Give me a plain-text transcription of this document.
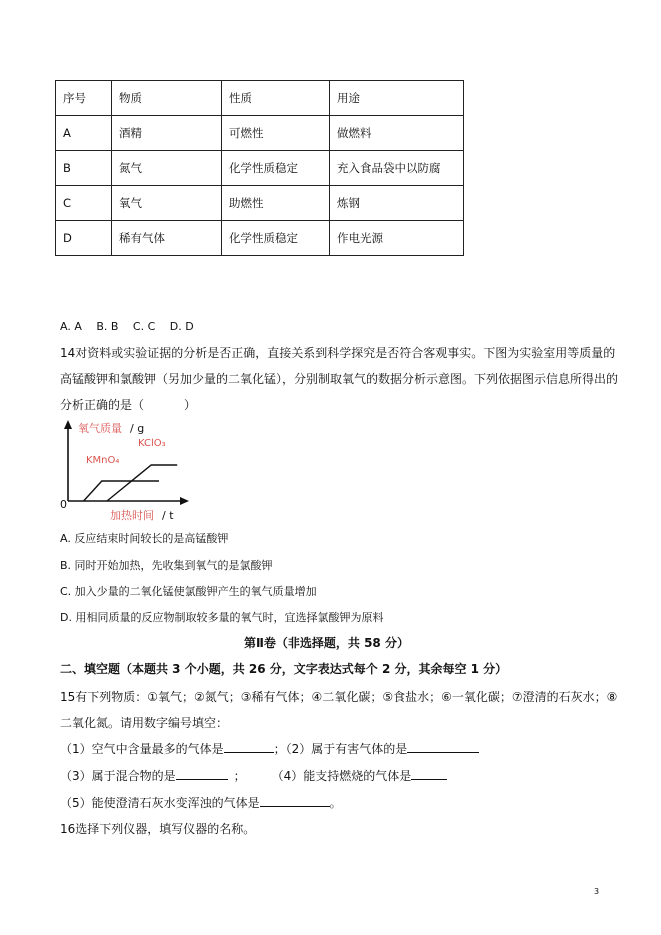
序号	物质	性质	用途
A	酒精	可燃性	做燃料
B	氮气	化学性质稳定	充入食品袋中以防腐
C	氧气	助燃性	炼钢
D	稀有气体	化学性质稳定	作电光源
A. A　 B. B　 C. C　 D. D
14对资料或实验证据的分析是否正确，直接关系到科学探究是否符合客观事实。下图为实验室用等质量的
高锰酸钾和氯酸钾（另加少量的二氧化锰），分别制取氧气的数据分析示意图。下列依据图示信息所得出的
分析正确的是（	）
氧气质量 / g
0
加热时间 / t
KMnO₄
KClO₃
A. 反应结束时间较长的是高锰酸钾
B. 同时开始加热，先收集到氧气的是氯酸钾
C. 加入少量的二氧化锰使氯酸钾产生的氧气质量增加
D. 用相同质量的反应物制取较多量的氧气时，宜选择氯酸钾为原料
第Ⅱ卷（非选择题，共 58 分）
二、填空题（本题共 3 个小题，共 26 分，文字表达式每个 2 分，其余每空 1 分）
15有下列物质：①氧气；②氮气；③稀有气体；④二氧化碳；⑤食盐水；⑥一氧化碳；⑦澄清的石灰水；⑧
二氧化氮。请用数字编号填空：
（1）空气中含量最多的气体是	；（2）属于有害气体的是
（3）属于混合物的是	； （4）能支持燃烧的气体是
（5）能使澄清石灰水变浑浊的气体是	。
16选择下列仪器，填写仪器的名称。
3
